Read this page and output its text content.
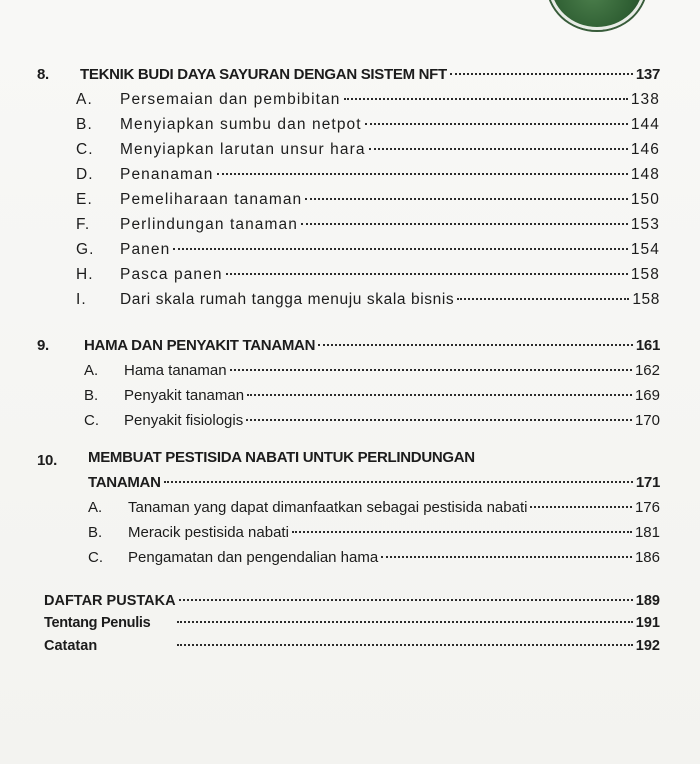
8. TEKNIK BUDI DAYA SAYURAN DENGAN SISTEM NFT	137
A. Persemaian dan pembibitan	138
B. Menyiapkan sumbu dan netpot	144
C. Menyiapkan larutan unsur hara	146
D. Penanaman	148
E. Pemeliharaan tanaman	150
F. Perlindungan tanaman	153
G. Panen	154
H. Pasca panen	158
I. Dari skala rumah tangga menuju skala bisnis	158
9. HAMA DAN PENYAKIT TANAMAN	161
A. Hama tanaman	162
B. Penyakit tanaman	169
C. Penyakit fisiologis	170
10. MEMBUAT PESTISIDA NABATI UNTUK PERLINDUNGAN
TANAMAN	171
A. Tanaman yang dapat dimanfaatkan sebagai pestisida nabati	176
B. Meracik pestisida nabati	181
C. Pengamatan dan pengendalian hama	186
DAFTAR PUSTAKA	189
Tentang Penulis	191
Catatan	192
